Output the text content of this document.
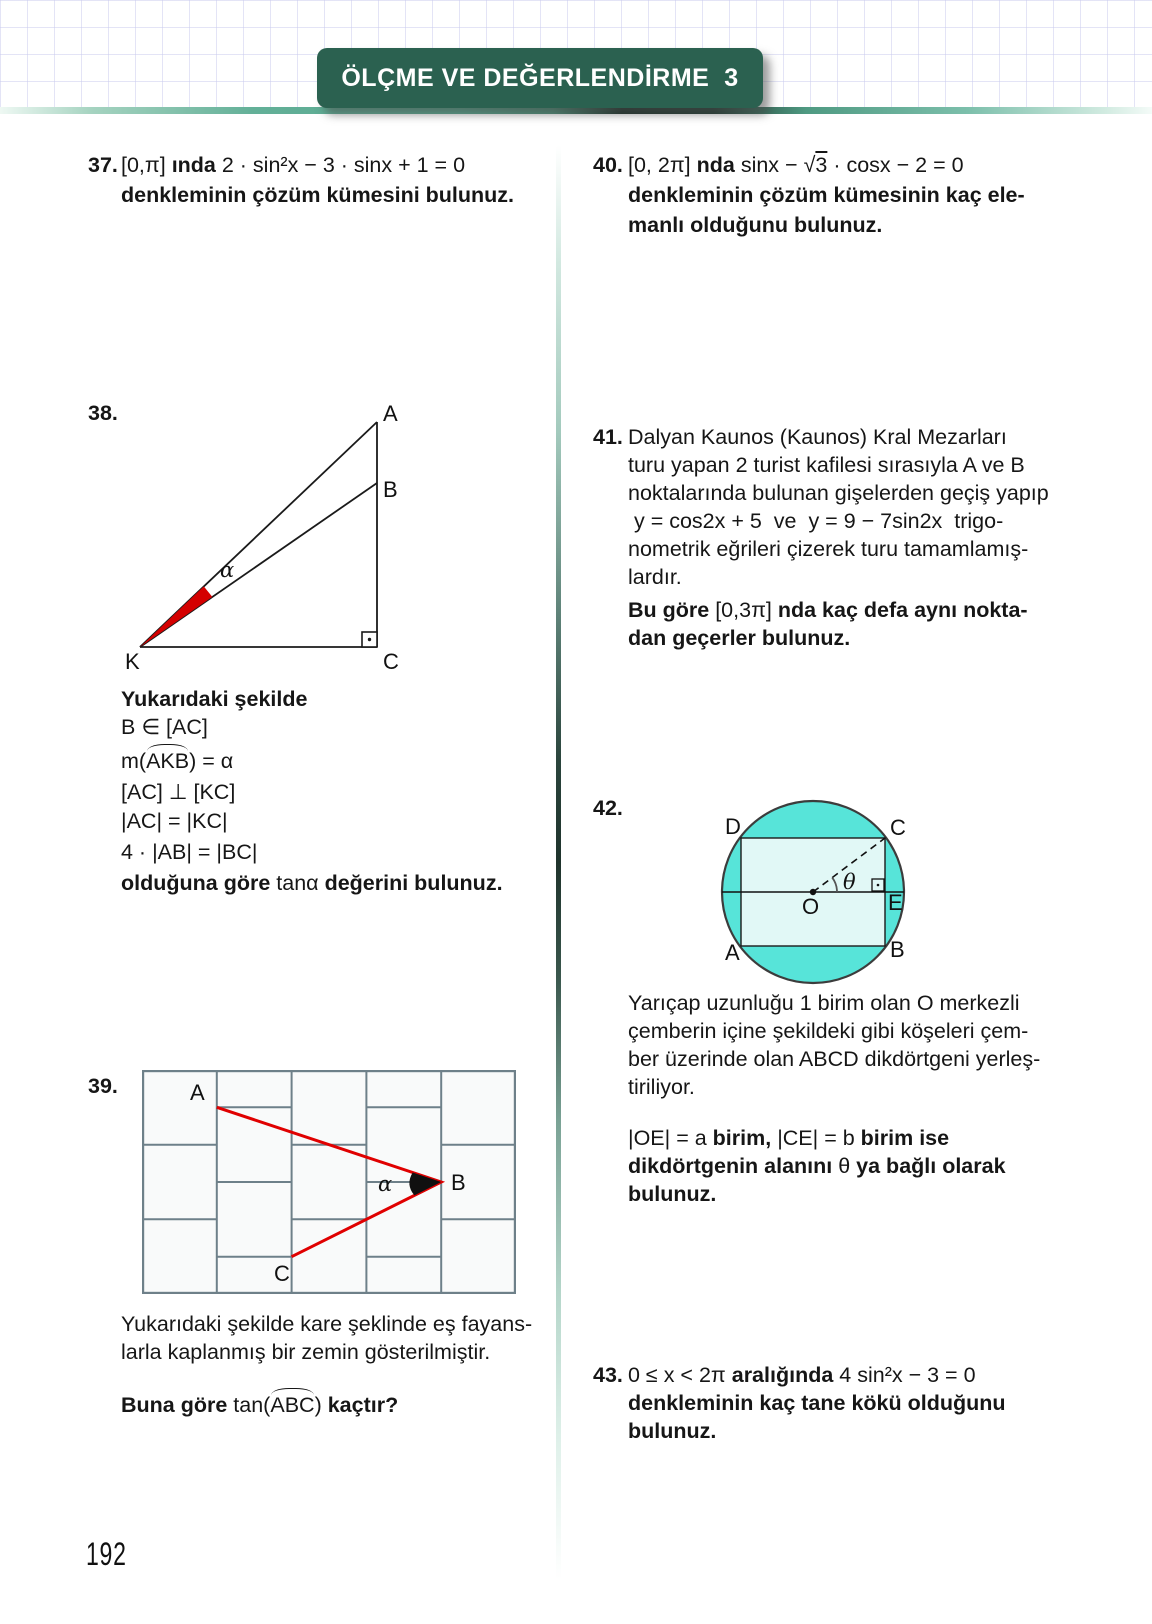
ÖLÇME VE DEĞERLENDİRME  3
37. [0,π] ında 2 · sin²x − 3 · sinx + 1 = 0
denkleminin çözüm kümesini bulunuz.
38.	A
B
C
K
α
Yukarıdaki şekilde
B ∈ [AC]
m(AKB) = α
[AC] ⊥ [KC]
|AC| = |KC|
4 · |AB| = |BC|
olduğuna göre tanα değerini bulunuz.
39.
α
A
B
C
Yukarıdaki şekilde kare şeklinde eş fayans-
larla kaplanmış bir zemin gösterilmiştir.
Buna göre tan(ABC) kaçtır?
40. [0, 2π] nda sinx − √3 · cosx − 2 = 0
denkleminin çözüm kümesinin kaç ele-
manlı olduğunu bulunuz.
41. Dalyan Kaunos (Kaunos) Kral Mezarları
turu yapan 2 turist kafilesi sırasıyla A ve B
noktalarında bulunan gişelerden geçiş yapıp
y = cos2x + 5  ve  y = 9 − 7sin2x  trigo-
nometrik eğrileri çizerek turu tamamlamış-
lardır.
Bu göre [0,3π] nda kaç defa aynı nokta-
dan geçerler bulunuz.
42.
D	C
A	B
E
O
θ
Yarıçap uzunluğu 1 birim olan O merkezli
çemberin içine şekildeki gibi köşeleri çem-
ber üzerinde olan ABCD dikdörtgeni yerleş-
tiriliyor.
|OE| = a birim, |CE| = b birim ise
dikdörtgenin alanını θ ya bağlı olarak
bulunuz.
43. 0 ≤ x < 2π aralığında 4 sin²x − 3 = 0
denkleminin kaç tane kökü olduğunu
bulunuz.
192
